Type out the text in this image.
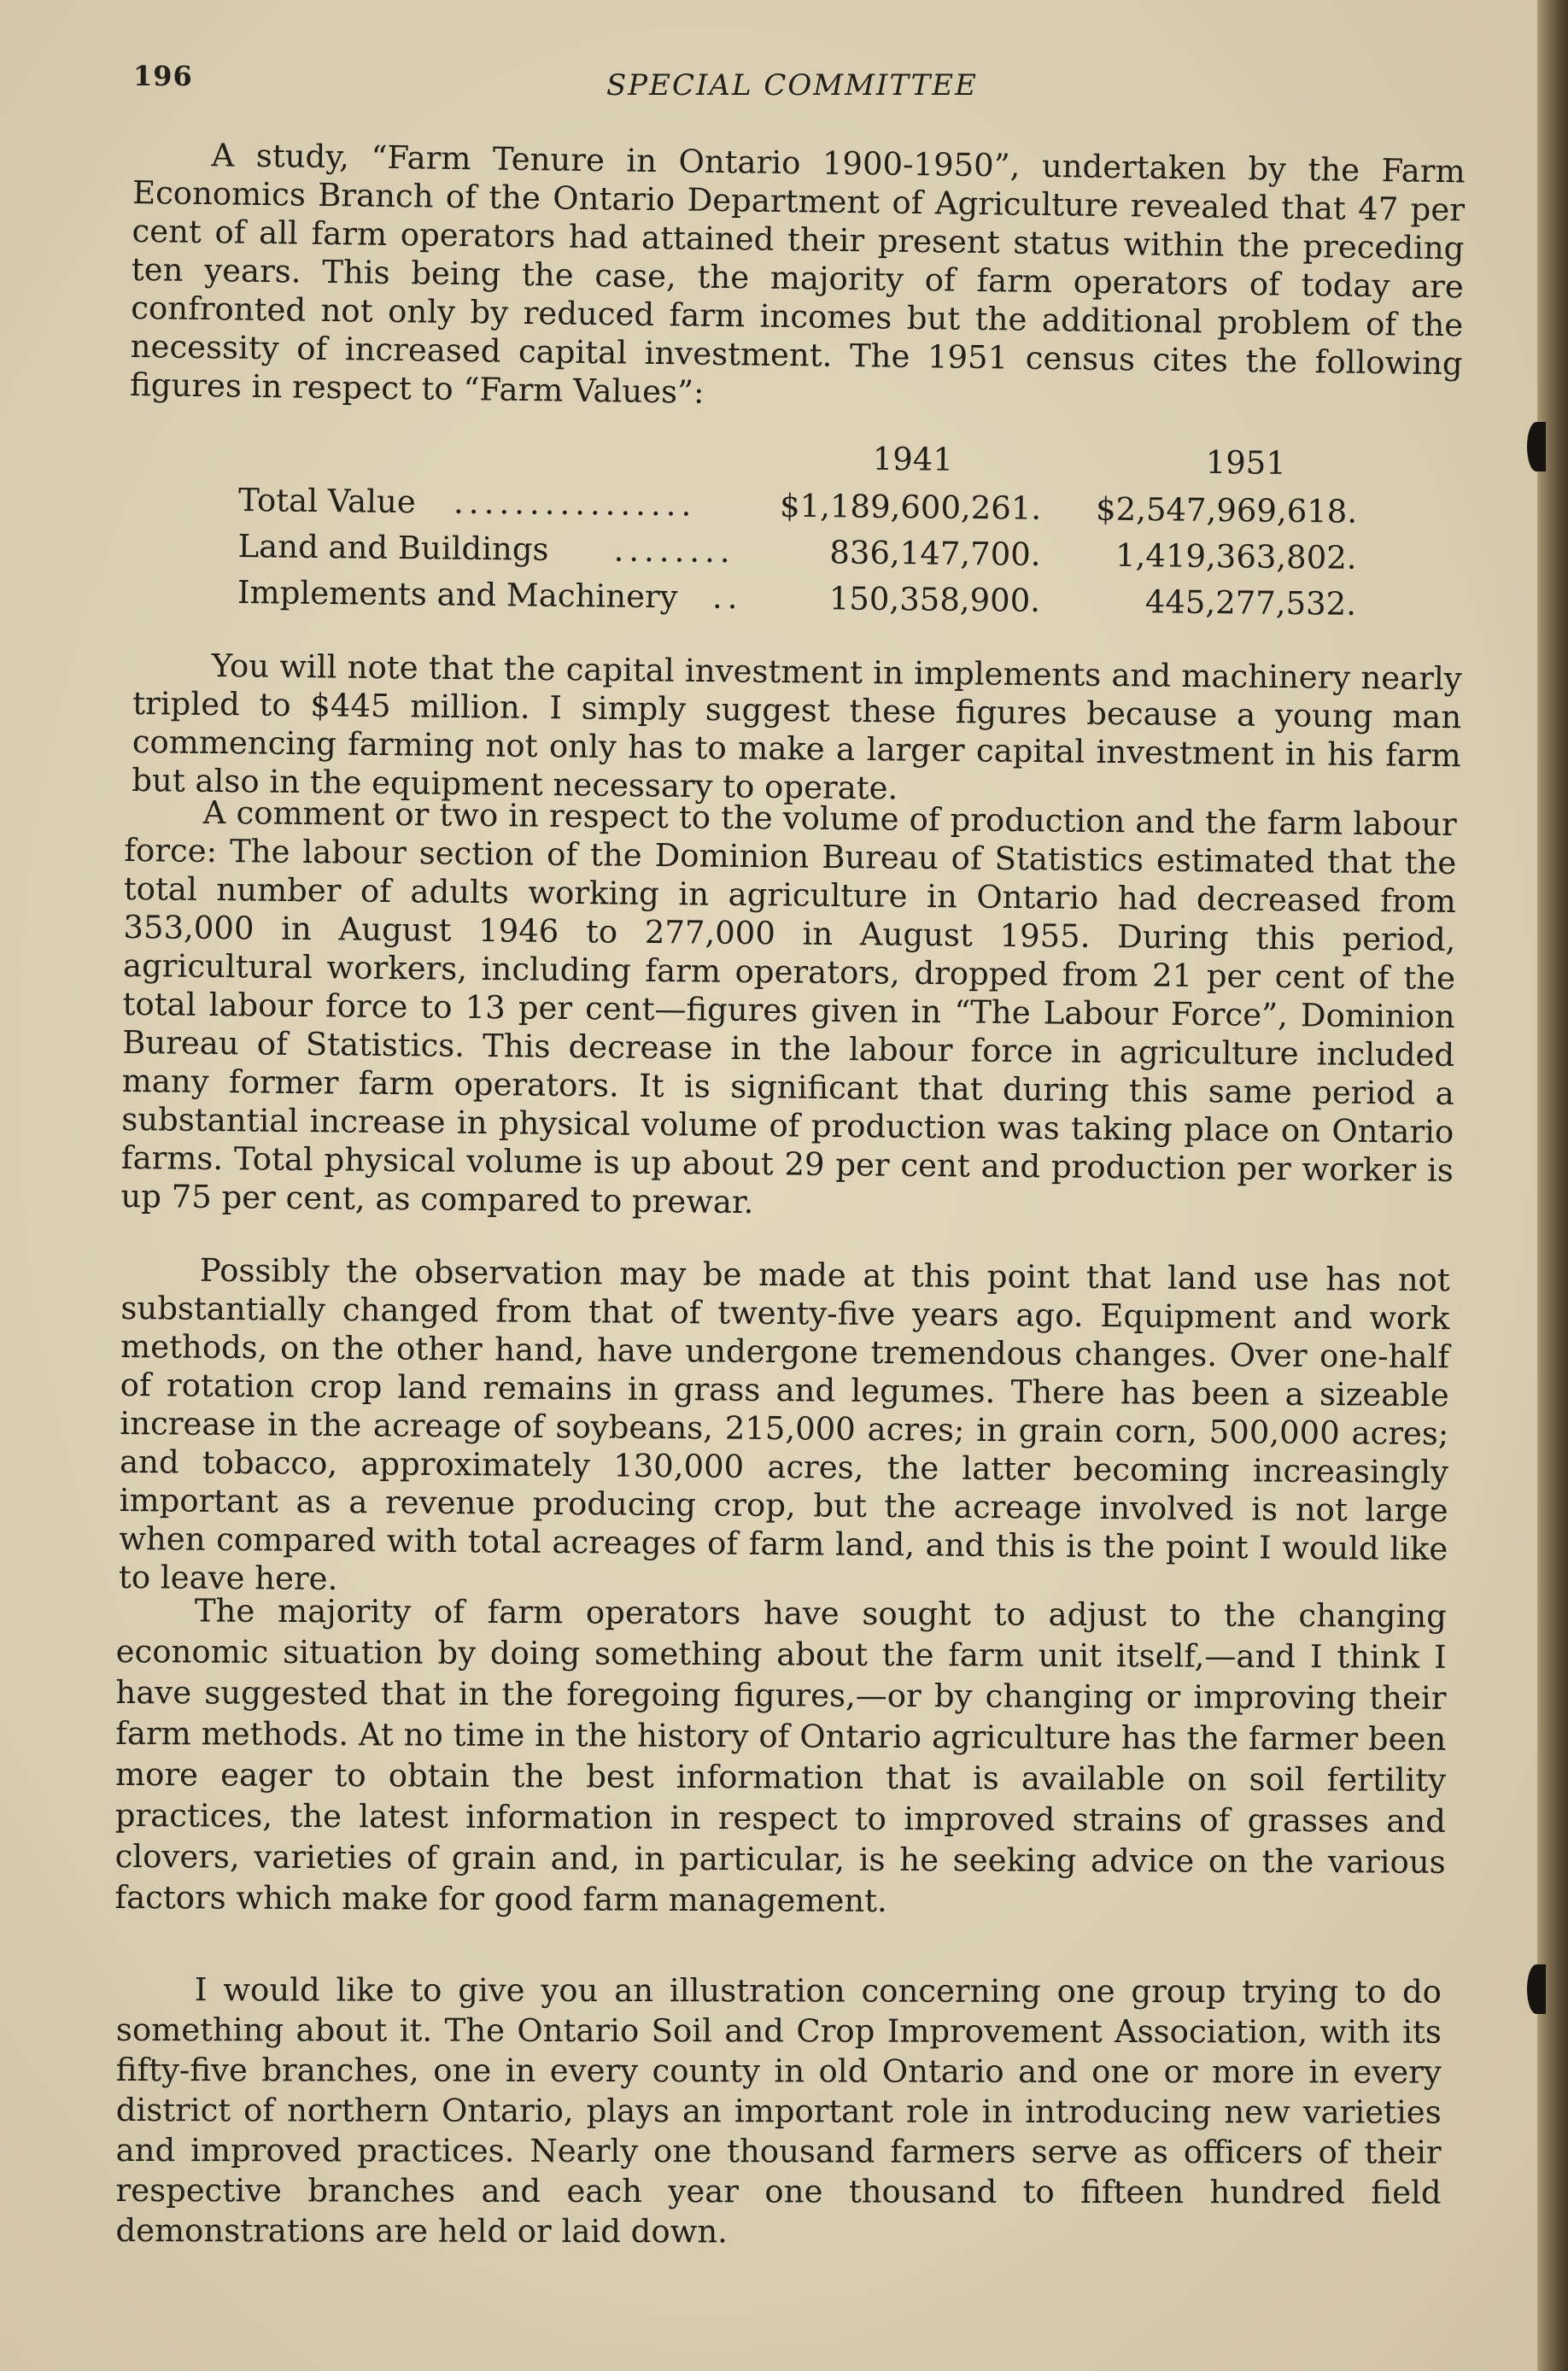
196	SPECIAL COMMITTEE

A study, “Farm Tenure in Ontario 1900-1950”, undertaken by the Farm Economics Branch of the Ontario Department of Agriculture revealed that 47 per cent of all farm operators had attained their present status within the preceding ten years. This being the case, the majority of farm operators of today are confronted not only by reduced farm incomes but the additional problem of the necessity of increased capital investment. The 1951 census cites the following figures in respect to “Farm Values”:

1941	1951
Total Value ................	$1,189,600,261.	$2,547,969,618.
Land and Buildings ........	836,147,700.	1,419,363,802.
Implements and Machinery ..	150,358,900.	445,277,532.

You will note that the capital investment in implements and machinery nearly tripled to $445 million. I simply suggest these figures because a young man commencing farming not only has to make a larger capital investment in his farm but also in the equipment necessary to operate.

A comment or two in respect to the volume of production and the farm labour force: The labour section of the Dominion Bureau of Statistics estimated that the total number of adults working in agriculture in Ontario had decreased from 353,000 in August 1946 to 277,000 in August 1955. During this period, agricultural workers, including farm operators, dropped from 21 per cent of the total labour force to 13 per cent—figures given in “The Labour Force”, Dominion Bureau of Statistics. This decrease in the labour force in agriculture included many former farm operators. It is significant that during this same period a substantial increase in physical volume of production was taking place on Ontario farms. Total physical volume is up about 29 per cent and production per worker is up 75 per cent, as compared to prewar.

Possibly the observation may be made at this point that land use has not substantially changed from that of twenty-five years ago. Equipment and work methods, on the other hand, have undergone tremendous changes. Over one-half of rotation crop land remains in grass and legumes. There has been a sizeable increase in the acreage of soybeans, 215,000 acres; in grain corn, 500,000 acres; and tobacco, approximately 130,000 acres, the latter becoming increasingly important as a revenue producing crop, but the acreage involved is not large when compared with total acreages of farm land, and this is the point I would like to leave here.

The majority of farm operators have sought to adjust to the changing economic situation by doing something about the farm unit itself,—and I think I have suggested that in the foregoing figures,—or by changing or improving their farm methods. At no time in the history of Ontario agriculture has the farmer been more eager to obtain the best information that is available on soil fertility practices, the latest information in respect to improved strains of grasses and clovers, varieties of grain and, in particular, is he seeking advice on the various factors which make for good farm management.

I would like to give you an illustration concerning one group trying to do something about it. The Ontario Soil and Crop Improvement Association, with its fifty-five branches, one in every county in old Ontario and one or more in every district of northern Ontario, plays an important role in introducing new varieties and improved practices. Nearly one thousand farmers serve as officers of their respective branches and each year one thousand to fifteen hundred field demonstrations are held or laid down.
